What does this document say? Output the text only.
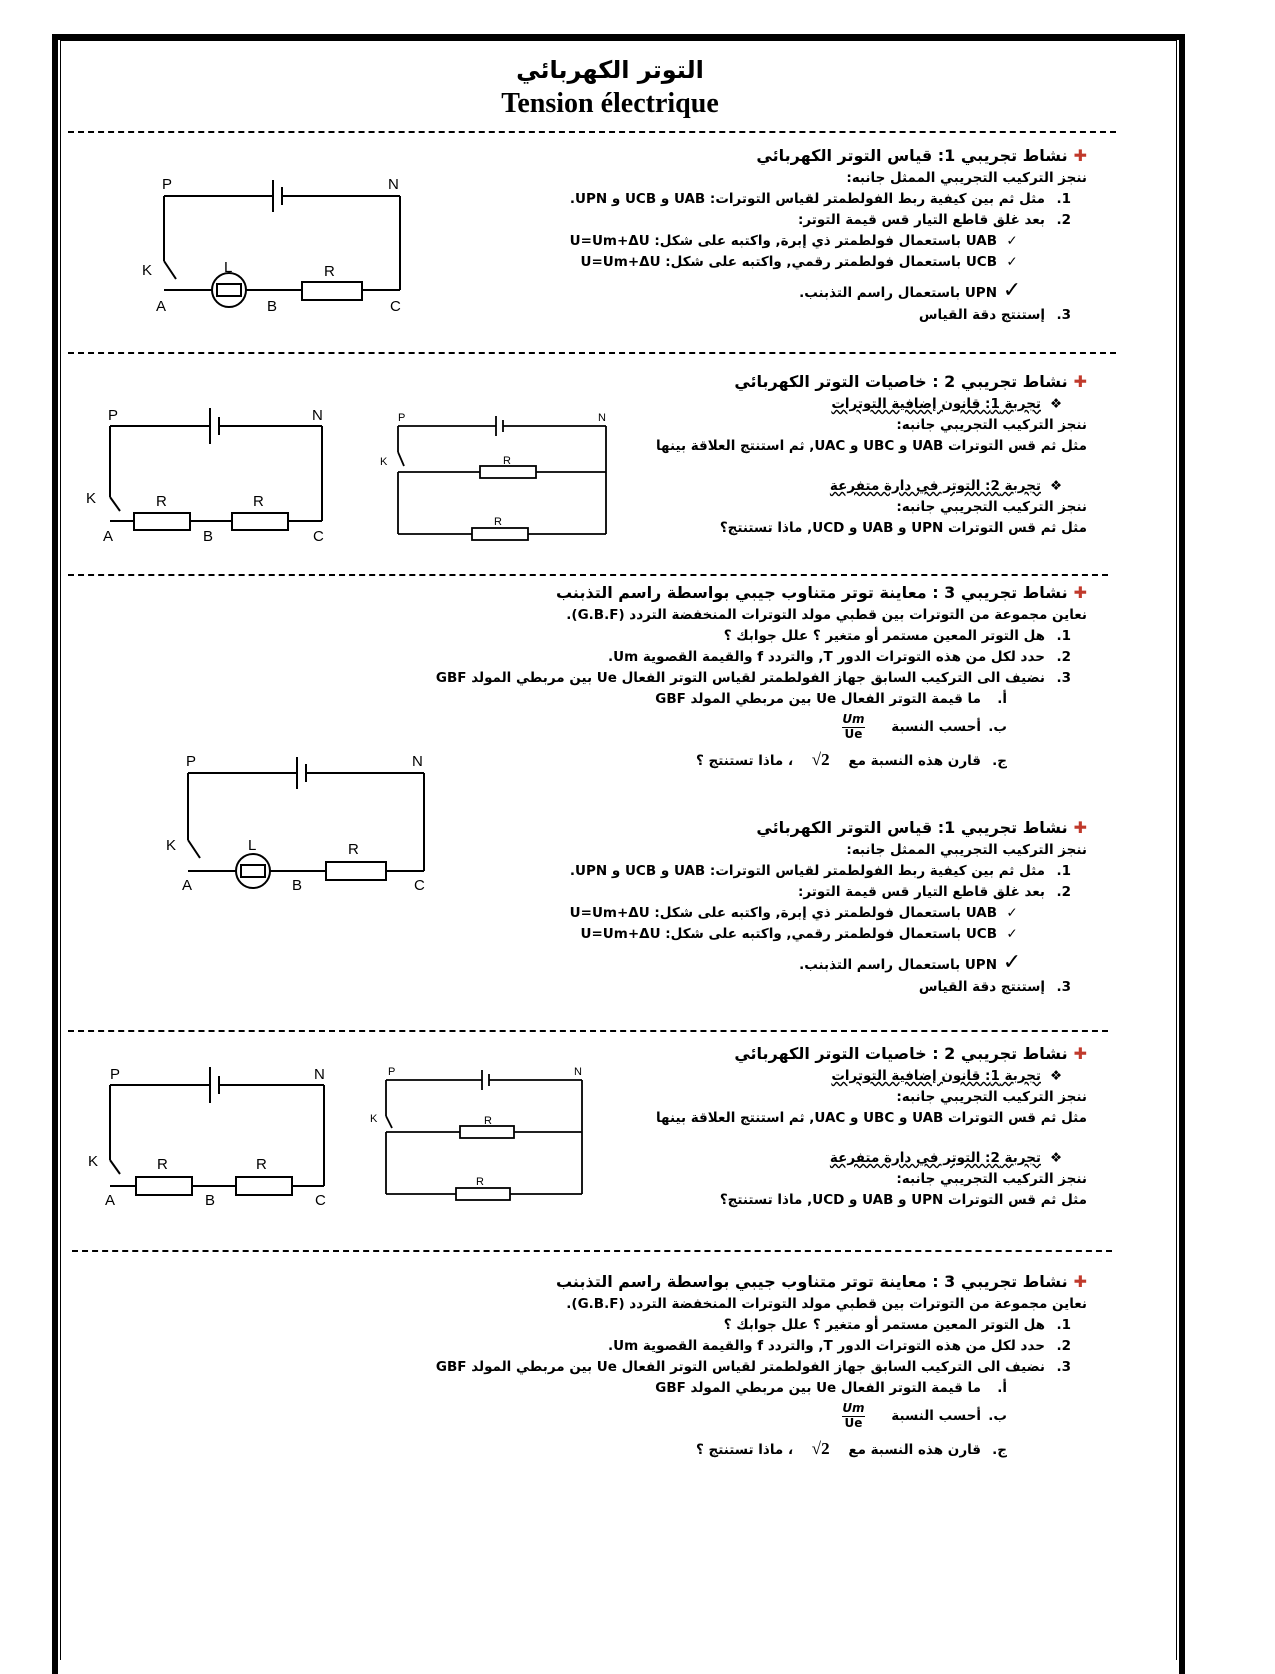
التوتر الكهربائي
Tension électrique
✚نشاط تجريبي 1: قياس التوتر الكهربائي
ننجز التركيب التجريبي الممثل جانبه:
1.مثل ثم بين كيفية ربط الفولطمتر لقياس التوترات: UAB و UCB و UPN.
2.بعد غلق قاطع التيار قس قيمة التوتر:
✓UAB باستعمال فولطمتر ذي إبرة, واكتبه على شكل: U=Um+ΔU
✓UCB باستعمال فولطمتر رقمي, واكتبه على شكل: U=Um+ΔU
✓UPN باستعمال راسم التذبنب.
3.إستنتج دقة القياس
P	N
K	L	R
A	B	C
✚نشاط تجريبي 2 : خاصيات التوتر الكهربائي
❖تجربة 1: قانون إضافية التوترات
ننجز التركيب التجريبي جانبه:
مثل ثم قس التوترات UAB و UBC و UAC, ثم استنتج العلاقة بينها
❖تجربة 2: التوتر في دارة متفرعة
ننجز التركيب التجريبي جانبه:
مثل ثم قس التوترات UPN و UAB و UCD, ماذا تستنتج؟
P	N
K	R	R
A	B	C
P	N
K	R
R
✚نشاط تجريبي 3 : معاينة توتر متناوب جيبي بواسطة راسم التذبنب
نعاين مجموعة من التوترات بين قطبي مولد التوترات المنخفضة التردد (G.B.F).
1.هل التوتر المعين مستمر أو متغير ؟ علل جوابك ؟
2.حدد لكل من هذه التوترات الدور T, والتردد f والقيمة القصوية Um.
3.نضيف الى التركيب السابق جهاز الفولطمتر لقياس التوتر الفعال Ue بين مربطي المولد GBF
أ.ما قيمة التوتر الفعال Ue بين مربطي المولد GBF
ب.أحسب النسبة
$\frac{Um}{Ue}$
ج.قارن هذه النسبة مع √2 ، ماذا تستنتج ؟
✚نشاط تجريبي 1: قياس التوتر الكهربائي
ننجز التركيب التجريبي الممثل جانبه:
1.مثل ثم بين كيفية ربط الفولطمتر لقياس التوترات: UAB و UCB و UPN.
2.بعد غلق قاطع التيار قس قيمة التوتر:
✓UAB باستعمال فولطمتر ذي إبرة, واكتبه على شكل: U=Um+ΔU
✓UCB باستعمال فولطمتر رقمي, واكتبه على شكل: U=Um+ΔU
✓UPN باستعمال راسم التذبنب.
3.إستنتج دقة القياس
P	N
K	L	R
A	B	C
✚نشاط تجريبي 2 : خاصيات التوتر الكهربائي
❖تجربة 1: قانون إضافية التوترات
ننجز التركيب التجريبي جانبه:
مثل ثم قس التوترات UAB و UBC و UAC, ثم استنتج العلاقة بينها
❖تجربة 2: التوتر في دارة متفرعة
ننجز التركيب التجريبي جانبه:
مثل ثم قس التوترات UPN و UAB و UCD, ماذا تستنتج؟
P	N
K	R	R
A	B	C
P	N
K	R
R
✚نشاط تجريبي 3 : معاينة توتر متناوب جيبي بواسطة راسم التذبنب
نعاين مجموعة من التوترات بين قطبي مولد التوترات المنخفضة التردد (G.B.F).
1.هل التوتر المعين مستمر أو متغير ؟ علل جوابك ؟
2.حدد لكل من هذه التوترات الدور T, والتردد f والقيمة القصوية Um.
3.نضيف الى التركيب السابق جهاز الفولطمتر لقياس التوتر الفعال Ue بين مربطي المولد GBF
أ.ما قيمة التوتر الفعال Ue بين مربطي المولد GBF
ب.أحسب النسبة
$\frac{Um}{Ue}$
ج.قارن هذه النسبة مع √2 ، ماذا تستنتج ؟
